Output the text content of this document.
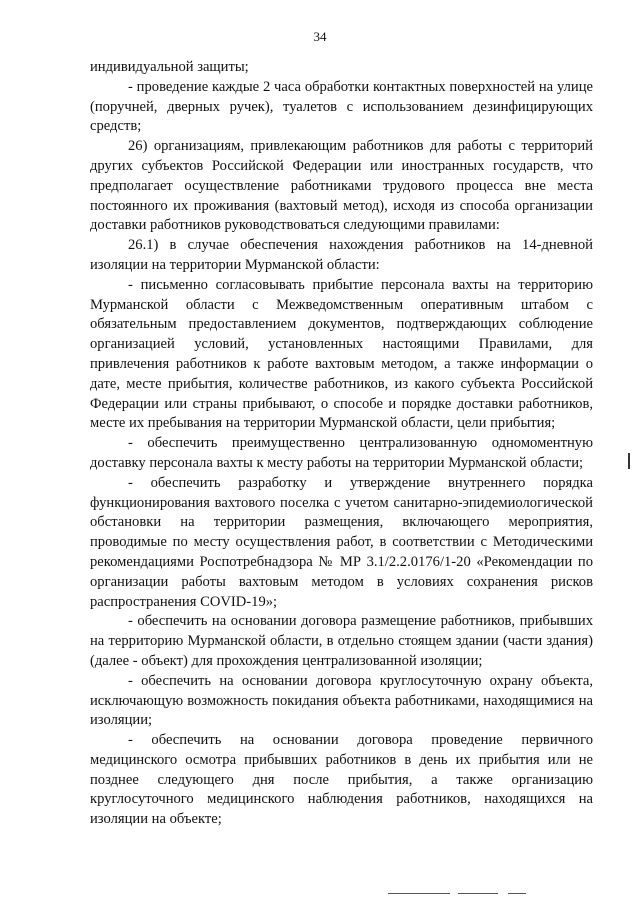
34

индивидуальной защиты;

- проведение каждые 2 часа обработки контактных поверхностей на улице (поручней, дверных ручек), туалетов с использованием дезинфицирующих средств;

26) организациям, привлекающим работников для работы с территорий других субъектов Российской Федерации или иностранных государств, что предполагает осуществление работниками трудового процесса вне места постоянного их проживания (вахтовый метод), исходя из способа организации доставки работников руководствоваться следующими правилами:

26.1) в случае обеспечения нахождения работников на 14-дневной изоляции на территории Мурманской области:

- письменно согласовывать прибытие персонала вахты на территорию Мурманской области с Межведомственным оперативным штабом с обязательным предоставлением документов, подтверждающих соблюдение организацией условий, установленных настоящими Правилами, для привлечения работников к работе вахтовым методом, а также информации о дате, месте прибытия, количестве работников, из какого субъекта Российской Федерации или страны прибывают, о способе и порядке доставки работников, месте их пребывания на территории Мурманской области, цели прибытия;

- обеспечить преимущественно централизованную одномоментную доставку персонала вахты к месту работы на территории Мурманской области;

- обеспечить разработку и утверждение внутреннего порядка функционирования вахтового поселка с учетом санитарно-эпидемиологической обстановки на территории размещения, включающего мероприятия, проводимые по месту осуществления работ, в соответствии с Методическими рекомендациями Роспотребнадзора № МР 3.1/2.2.0176/1-20 «Рекомендации по организации работы вахтовым методом в условиях сохранения рисков распространения COVID-19»;

- обеспечить на основании договора размещение работников, прибывших на территорию Мурманской области, в отдельно стоящем здании (части здания) (далее - объект) для прохождения централизованной изоляции;

- обеспечить на основании договора круглосуточную охрану объекта, исключающую возможность покидания объекта работниками, находящимися на изоляции;

- обеспечить на основании договора проведение первичного медицинского осмотра прибывших работников в день их прибытия или не позднее следующего дня после прибытия, а также организацию круглосуточного медицинского наблюдения работников, находящихся на изоляции на объекте;
